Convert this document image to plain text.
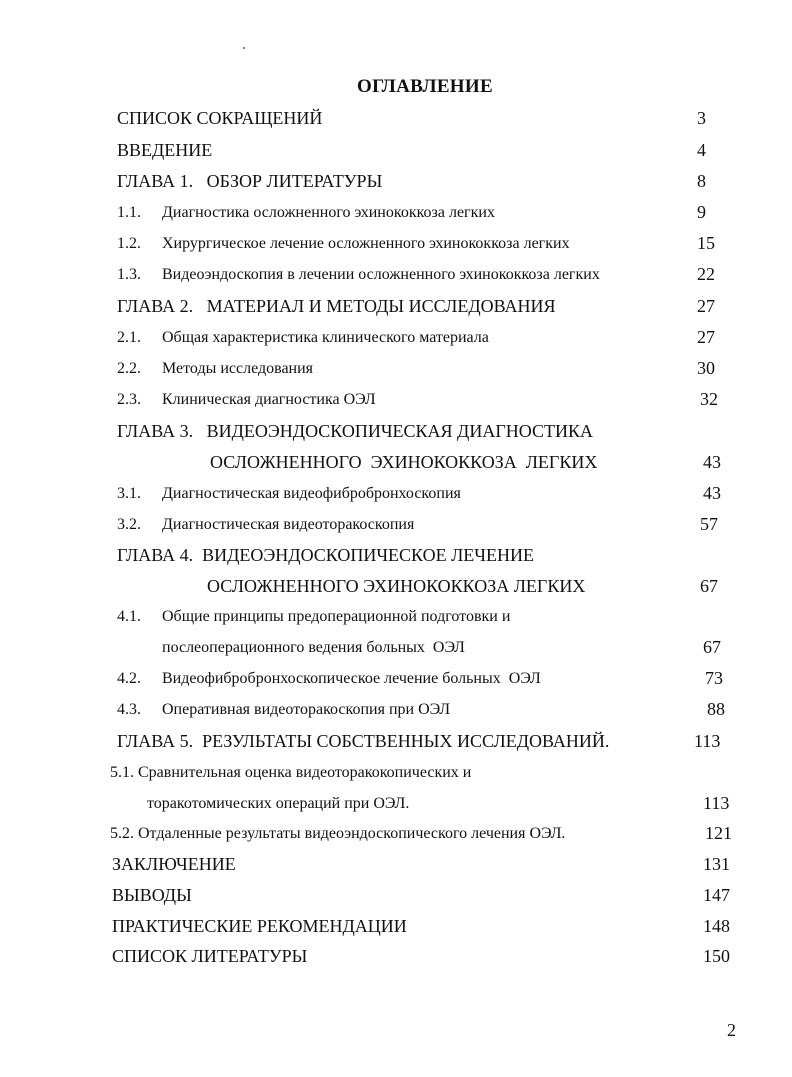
ОГЛАВЛЕНИЕ
СПИСОК СОКРАЩЕНИЙ	3
ВВЕДЕНИЕ	4
ГЛАВА 1.   ОБЗОР ЛИТЕРАТУРЫ	8
1.1. Диагностика осложненного эхинококкоза легких	9
1.2. Хирургическое лечение осложненного эхинококкоза легких	15
1.3. Видеоэндоскопия в лечении осложненного эхинококкоза легких	22
ГЛАВА 2.   МАТЕРИАЛ И МЕТОДЫ ИССЛЕДОВАНИЯ	27
2.1. Общая характеристика клинического материала	27
2.2. Методы исследования	30
2.3. Клиническая диагностика ОЭЛ	32
ГЛАВА 3.   ВИДЕОЭНДОСКОПИЧЕСКАЯ ДИАГНОСТИКА
ОСЛОЖНЕННОГО  ЭХИНОКОККОЗА  ЛЕГКИХ	43
3.1. Диагностическая видеофибробронхоскопия	43
3.2. Диагностическая видеоторакоскопия	57
ГЛАВА 4.  ВИДЕОЭНДОСКОПИЧЕСКОЕ ЛЕЧЕНИЕ
ОСЛОЖНЕННОГО ЭХИНОКОККОЗА ЛЕГКИХ	67
4.1. Общие принципы предоперационной подготовки и
послеоперационного ведения больных  ОЭЛ	67
4.2. Видеофибробронхоскопическое лечение больных  ОЭЛ	73
4.3. Оперативная видеоторакоскопия при ОЭЛ	88
ГЛАВА 5.  РЕЗУЛЬТАТЫ СОБСТВЕННЫХ ИССЛЕДОВАНИЙ.	113
5.1. Сравнительная оценка видеоторакокопических и
торакотомических операций при ОЭЛ.	113
5.2. Отдаленные результаты видеоэндоскопического лечения ОЭЛ.	121
ЗАКЛЮЧЕНИЕ	131
ВЫВОДЫ	147
ПРАКТИЧЕСКИЕ РЕКОМЕНДАЦИИ	148
СПИСОК ЛИТЕРАТУРЫ	150
2
